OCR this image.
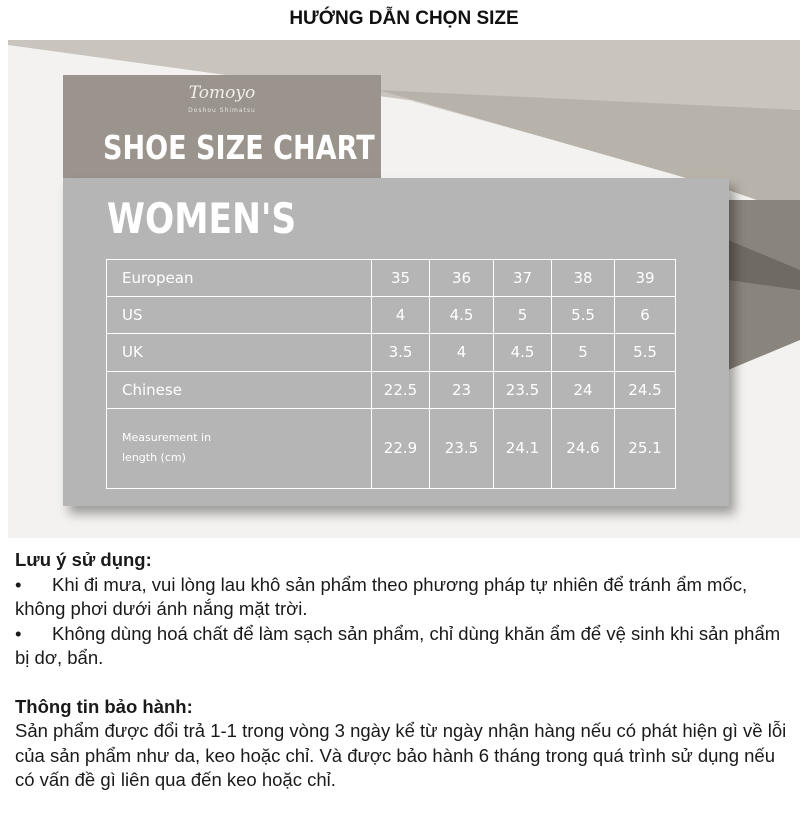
HƯỚNG DẪN CHỌN SIZE
Tomoyo
Doshou Shimatsu
SHOE SIZE CHART
WOMEN'S
European	35	36	37	38	39
US	4	4.5	5	5.5	6
UK	3.5	4	4.5	5	5.5
Chinese	22.5	23	23.5	24	24.5
Measurement in
length (cm)	22.9	23.5	24.1	24.6	25.1
Lưu ý sử dụng:
• Khi đi mưa, vui lòng lau khô sản phẩm theo phương pháp tự nhiên để tránh ẩm mốc, không phơi dưới ánh nắng mặt trời.
• Không dùng hoá chất để làm sạch sản phẩm, chỉ dùng khăn ẩm để vệ sinh khi sản phẩm bị dơ, bẩn.
Thông tin bảo hành:
Sản phẩm được đổi trả 1-1 trong vòng 3 ngày kể từ ngày nhận hàng nếu có phát hiện gì về lỗi của sản phẩm như da, keo hoặc chỉ. Và được bảo hành 6 tháng trong quá trình sử dụng nếu có vấn đề gì liên qua đến keo hoặc chỉ.
